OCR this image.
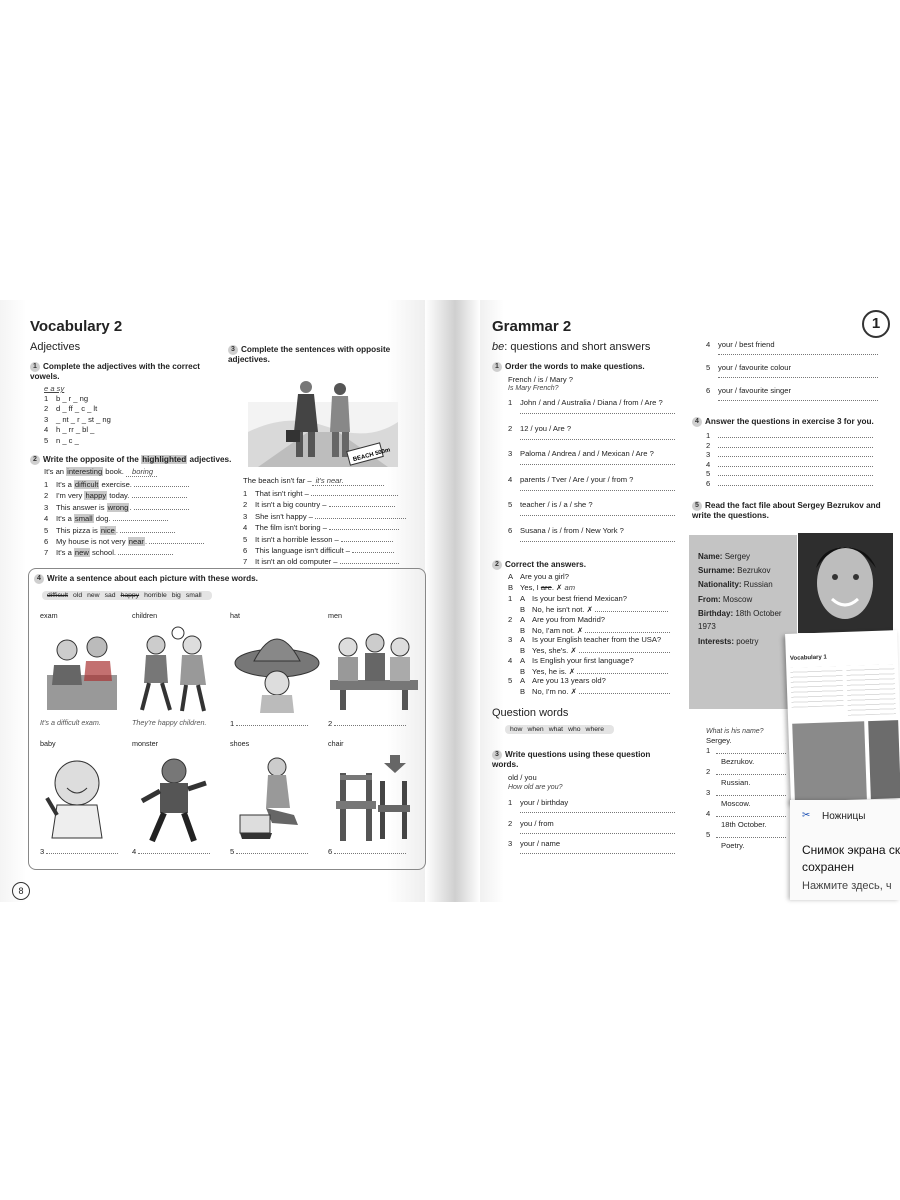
Vocabulary 2
Adjectives
1 Complete the adjectives with the correct vowels.
e a sy
1 b _ r _ ng
2 d _ ff _ c _ lt
3 _ nt _ r _ st _ ng
4 h _ rr _ bl _
5 n _ c _
2 Write the opposite of the highlighted adjectives.
It's an interesting book. boring
1 It's a difficult exercise.
2 I'm very happy today.
3 This answer is wrong.
4 It's a small dog.
5 This pizza is nice.
6 My house is not very near.
7 It's a new school.
3 Complete the sentences with opposite adjectives.
BEACH 500m
The beach isn't far – it's near.
1 That isn't right –
2 It isn't a big country –
3 She isn't happy –
4 The film isn't boring –
5 It isn't a horrible lesson –
6 This language isn't difficult –
7 It isn't an old computer –
4 Write a sentence about each picture with these words.
difficult old new sad happy horrible big small
exam
It's a difficult exam.
children
They're happy children.
hat
1
men
2
baby
3
monster
4
shoes
5
chair
6
8
Grammar 2	1
be: questions and short answers
1 Order the words to make questions.
French / is / Mary ?
Is Mary French?
1 John / and / Australia / Diana / from / Are ?
2 12 / you / Are ?
3 Paloma / Andrea / and / Mexican / Are ?
4 parents / Tver / Are / your / from ?
5 teacher / is / a / she ?
6 Susana / is / from / New York ?
2 Correct the answers.
A Are you a girl?
B Yes, I are. ✗ am
1 A Is your best friend Mexican?
B No, he isn't not. ✗
2 A Are you from Madrid?
B No, I'am not. ✗
3 A Is your English teacher from the USA?
B Yes, she's. ✗
4 A Is English your first language?
B Yes, he is. ✗
5 A Are you 13 years old?
B No, I'm no. ✗
Question words
how when what who where
3 Write questions using these question words.
old / you
How old are you?
1 your / birthday
2 you / from
3 your / name
4 your / best friend
5 your / favourite colour
6 your / favourite singer
4 Answer the questions in exercise 3 for you.
1
2
3
4
5
6
5 Read the fact file about Sergey Bezrukov and write the questions.
Name: Sergey
Surname: Bezrukov
Nationality: Russian
From: Moscow
Birthday: 18th October 1973
Interests: poetry
What is his name?
Sergey.
1
Bezrukov.
2
Russian.
3
Moscow.
4
18th October.
5
Poetry.
Vocabulary 1
✂ Ножницы
Снимок экрана ск сохранен
Нажмите здесь, ч
